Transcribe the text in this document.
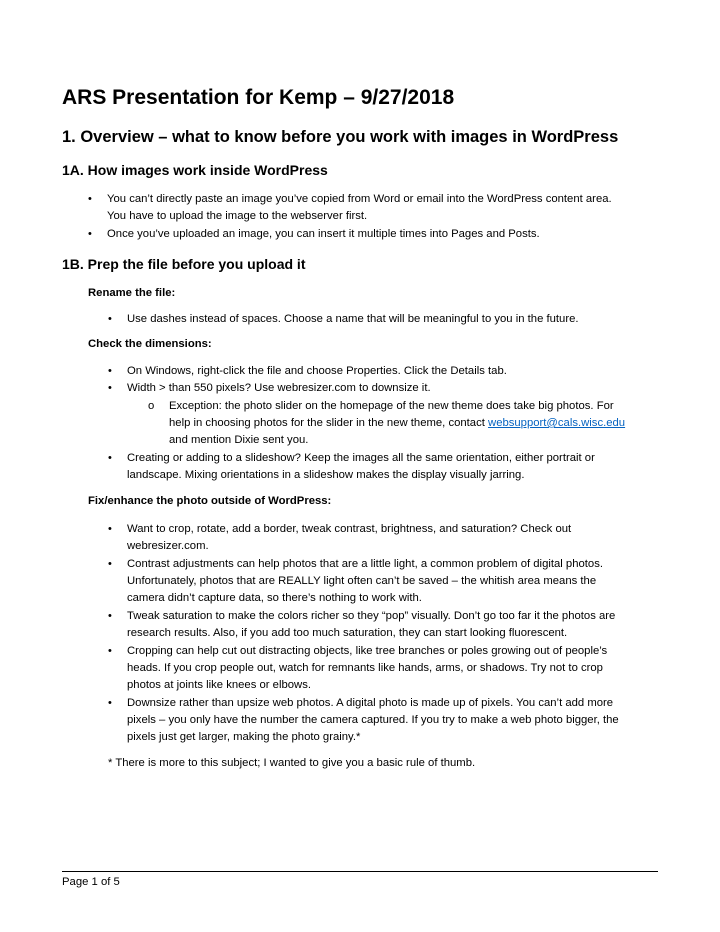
ARS Presentation for Kemp – 9/27/2018
1. Overview – what to know before you work with images in WordPress

1A. How images work inside WordPress

• You can’t directly paste an image you’ve copied from Word or email into the WordPress content area.
You have to upload the image to the webserver first.
• Once you’ve uploaded an image, you can insert it multiple times into Pages and Posts.

1B. Prep the file before you upload it

Rename the file:

• Use dashes instead of spaces. Choose a name that will be meaningful to you in the future.

Check the dimensions:

• On Windows, right-click the file and choose Properties. Click the Details tab.
• Width > than 550 pixels? Use webresizer.com to downsize it.
o Exception: the photo slider on the homepage of the new theme does take big photos. For
help in choosing photos for the slider in the new theme, contact websupport@cals.wisc.edu
and mention Dixie sent you.
• Creating or adding to a slideshow? Keep the images all the same orientation, either portrait or
landscape. Mixing orientations in a slideshow makes the display visually jarring.

Fix/enhance the photo outside of WordPress:

• Want to crop, rotate, add a border, tweak contrast, brightness, and saturation? Check out
webresizer.com.
• Contrast adjustments can help photos that are a little light, a common problem of digital photos.
Unfortunately, photos that are REALLY light often can’t be saved – the whitish area means the
camera didn’t capture data, so there’s nothing to work with.
• Tweak saturation to make the colors richer so they “pop” visually. Don’t go too far it the photos are
research results. Also, if you add too much saturation, they can start looking fluorescent.
• Cropping can help cut out distracting objects, like tree branches or poles growing out of people’s
heads. If you crop people out, watch for remnants like hands, arms, or shadows. Try not to crop
photos at joints like knees or elbows.
• Downsize rather than upsize web photos. A digital photo is made up of pixels. You can’t add more
pixels – you only have the number the camera captured. If you try to make a web photo bigger, the
pixels just get larger, making the photo grainy.*

* There is more to this subject; I wanted to give you a basic rule of thumb.

Page 1 of 5
